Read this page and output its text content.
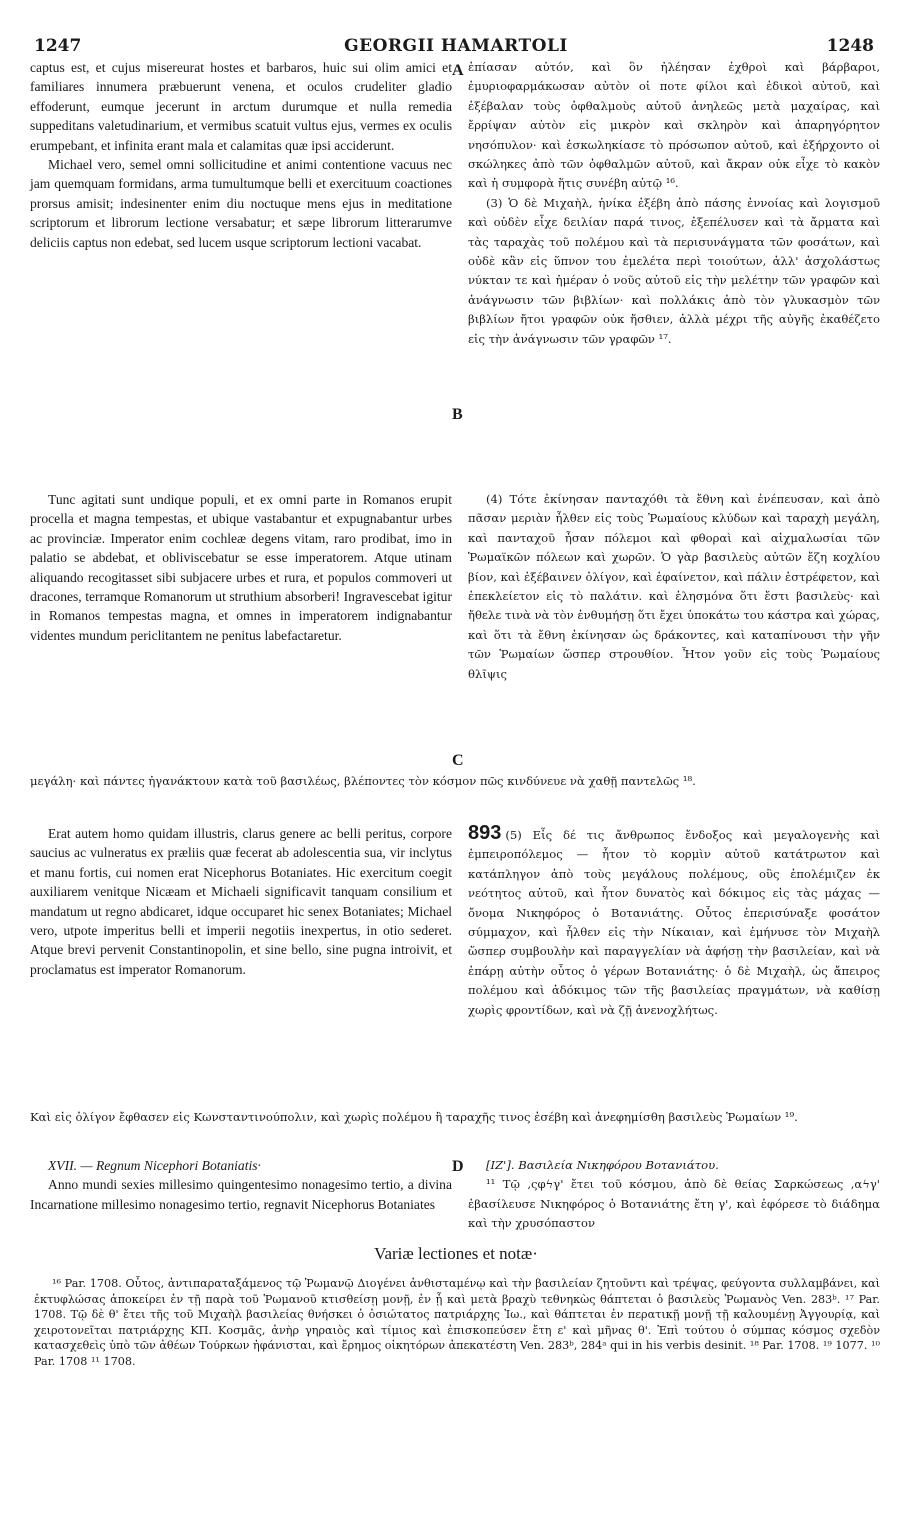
1247	GEORGII HAMARTOLI	1248

captus est, et cujus misereurat hostes et barbaros, huic sui olim amici et familiares innumera præbuerunt venena, et oculos crudeliter gladio effoderunt, eumque jecerunt in arctum durumque et nulla remedia suppeditans valetudinarium, et vermibus scatuit vultus ejus, vermes ex oculis erumpebant, et infinita erant mala et calamitas quæ ipsi acciderunt.

Michael vero, semel omni sollicitudine et animi contentione vacuus nec jam quemquam formidans, arma tumultumque belli et exercituum coactiones prorsus amisit; indesinenter enim diu noctuque mens ejus in meditatione scriptorum et librorum lectione versabatur; et sæpe librorum litterarumve deliciis captus non edebat, sed lucem usque scriptorum lectioni vacabat.

ἐπίασαν αὐτόν, καὶ ὃν ἠλέησαν ἐχθροὶ καὶ βάρβαροι, ἐμυριοφαρμάκωσαν αὐτὸν οἱ ποτε φίλοι καὶ ἐδικοὶ αὐτοῦ, καὶ ἐξέβαλαν τοὺς ὀφθαλμοὺς αὐτοῦ ἀνηλεῶς μετὰ μαχαίρας, καὶ ἔρρίψαν αὐτὸν εἰς μικρὸν καὶ σκληρὸν καὶ ἀπαρηγόρητον νησόπυλον· καὶ ἐσκωληκίασε τὸ πρόσωπον αὐτοῦ, καὶ ἐξήρχοντο οἱ σκώληκες ἀπὸ τῶν ὀφθαλμῶν αὐτοῦ, καὶ ἄκραν οὐκ εἶχε τὸ κακὸν καὶ ἡ συμφορὰ ἥτις συνέβη αὐτῷ ¹⁶.

(3) Ὁ δὲ Μιχαὴλ, ἡνίκα ἐξέβη ἀπὸ πάσης ἐννοίας καὶ λογισμοῦ καὶ οὐδὲν εἶχε δειλίαν παρά τινος, ἐξεπέλυσεν καὶ τὰ ἄρματα καὶ τὰς ταραχὰς τοῦ πολέμου καὶ τὰ περισυνάγματα τῶν φοσάτων, καὶ οὐδὲ κἂν εἰς ὕπνον του ἐμελέτα περὶ τοιούτων, ἀλλ' ἀσχολάστως νύκταν τε καὶ ἡμέραν ὁ νοῦς αὐτοῦ εἰς τὴν μελέτην τῶν γραφῶν καὶ ἀνάγνωσιν τῶν βιβλίων· καὶ πολλάκις ἀπὸ τὸν γλυκασμὸν τῶν βιβλίων ἤτοι γραφῶν οὐκ ἤσθιεν, ἀλλὰ μέχρι τῆς αὐγῆς ἐκαθέζετο εἰς τὴν ἀνάγνωσιν τῶν γραφῶν ¹⁷.

A
B

Tunc agitati sunt undique populi, et ex omni parte in Romanos erupit procella et magna tempestas, et ubique vastabantur et expugnabantur urbes ac provinciæ. Imperator enim cochleæ degens vitam, raro prodibat, imo in palatio se abdebat, et obliviscebatur se esse imperatorem. Atque utinam aliquando recogitasset sibi subjacere urbes et rura, et populos commoveri ut dracones, terramque Romanorum ut struthium absorberi! Ingravescebat igitur in Romanos tempestas magna, et omnes in imperatorem indignabantur videntes mundum periclitantem ne penitus labefactaretur.

(4) Τότε ἐκίνησαν πανταχόθι τὰ ἔθνη καὶ ἐνέπευσαν, καὶ ἀπὸ πᾶσαν μεριὰν ἦλθεν εἰς τοὺς Ῥωμαίους κλύδων καὶ ταραχὴ μεγάλη, καὶ πανταχοῦ ἦσαν πόλεμοι καὶ φθοραὶ καὶ αἰχμαλωσίαι τῶν Ῥωμαϊκῶν πόλεων καὶ χωρῶν. Ὁ γὰρ βασιλεὺς αὐτῶν ἔζη κοχλίου βίον, καὶ ἐξέβαινεν ὀλίγον, καὶ ἐφαίνετον, καὶ πάλιν ἐστρέφετον, καὶ ἐπεκλείετον εἰς τὸ παλάτιν. καὶ ἐλησμόνα ὅτι ἔστι βασιλεὺς· καὶ ἤθελε τινὰ νὰ τὸν ἐνθυμήσῃ ὅτι ἔχει ὑποκάτω του κάστρα καὶ χώρας, καὶ ὅτι τὰ ἔθνη ἐκίνησαν ὡς δράκοντες, καὶ καταπίνουσι τὴν γῆν τῶν Ῥωμαίων ὥσπερ στρουθίον. Ἦτον γοῦν εἰς τοὺς Ῥωμαίους θλῖψις

C
μεγάλη· καὶ πάντες ἠγανάκτουν κατὰ τοῦ βασιλέως, βλέποντες τὸν κόσμον πῶς κινδύνευε νὰ χαθῇ παντελῶς ¹⁸.

Erat autem homo quidam illustris, clarus genere ac belli peritus, corpore saucius ac vulneratus ex præliis quæ fecerat ab adolescentia sua, vir inclytus et manu fortis, cui nomen erat Nicephorus Botaniates. Hic exercitum coegit auxiliarem venitque Nicæam et Michaeli significavit tanquam consilium et mandatum ut regno abdicaret, idque occuparet hic senex Botaniates; Michael vero, utpote imperitus belli et imperii negotiis inexpertus, in otio sederet. Atque brevi pervenit Constantinopolin, et sine bello, sine pugna introivit, et proclamatus est imperator Romanorum.

893 (5) Εἷς δέ τις ἄνθρωπος ἔνδοξος καὶ μεγαλογενὴς καὶ ἐμπειροπόλεμος — ἦτον τὸ κορμὶν αὐτοῦ κατάτρωτον καὶ κατάπληγον ἀπὸ τοὺς μεγάλους πολέμους, οὓς ἐπολέμιζεν ἐκ νεότητος αὐτοῦ, καὶ ἦτον δυνατὸς καὶ δόκιμος εἰς τὰς μάχας — ὄνομα Νικηφόρος ὁ Βοτανιάτης. Οὗτος ἐπερισύναξε φοσάτον σύμμαχον, καὶ ἦλθεν εἰς τὴν Νίκαιαν, καὶ ἐμήνυσε τὸν Μιχαὴλ ὥσπερ συμβουλὴν καὶ παραγγελίαν νὰ ἀφήσῃ τὴν βασιλείαν, καὶ νὰ ἐπάρῃ αὐτὴν οὗτος ὁ γέρων Βοτανιάτης· ὁ δὲ Μιχαὴλ, ὡς ἄπειρος πολέμου καὶ ἀδόκιμος τῶν τῆς βασιλείας πραγμάτων, νὰ καθίσῃ χωρὶς φροντίδων, καὶ νὰ ζῇ ἀνενοχλήτως.

Καὶ εἰς ὀλίγον ἔφθασεν εἰς Κωνσταντινούπολιν, καὶ χωρὶς πολέμου ἢ ταραχῆς τινος ἐσέβη καὶ ἀνεφημίσθη βασιλεὺς Ῥωμαίων ¹⁹.

XVII. — Regnum Nicephori Botaniatis·

Anno mundi sexies millesimo quingentesimo nonagesimo tertio, a divina Incarnatione millesimo nonagesimo tertio, regnavit Nicephorus Botaniates

[ΙΖ']. Βασιλεία Νικηφόρου Βοτανιάτου.

¹¹ Τῷ ,ςφϟγ' ἔτει τοῦ κόσμου, ἀπὸ δὲ θείας Σαρκώσεως ,αϟγ' ἐβασίλευσε Νικηφόρος ὁ Βοτανιάτης ἔτη γ', καὶ ἐφόρεσε τὸ διάδημα καὶ τὴν χρυσόπαστον

D
Variæ lectiones et notæ·

¹⁶ Par. 1708. Οὗτος, ἀντιπαραταξάμενος τῷ Ῥωμανῷ Διογένει ἀνθισταμένῳ καὶ τὴν βασιλείαν ζητοῦντι καὶ τρέψας, φεύγοντα συλλαμβάνει, καὶ ἐκτυφλώσας ἀποκείρει ἐν τῇ παρὰ τοῦ Ῥωμανοῦ κτισθείσῃ μονῇ, ἐν ᾗ καὶ μετὰ βραχὺ τεθνηκὼς θάπτεται ὁ βασιλεὺς Ῥωμανὸς Ven. 283ᵇ. ¹⁷ Par. 1708. Τῷ δὲ θ' ἔτει τῆς τοῦ Μιχαὴλ βασιλείας θνήσκει ὁ ὁσιώτατος πατριάρχης Ἰω., καὶ θάπτεται ἐν περατικῇ μονῇ τῇ καλουμένῃ Ἀγγουρίᾳ, καὶ χειροτονεῖται πατριάρχης ΚΠ. Κοσμᾶς, ἀνὴρ γηραιὸς καὶ τίμιος καὶ ἐπισκοπεύσεν ἔτη ε' καὶ μῆνας θ'. Ἐπὶ τούτου ὁ σύμπας κόσμος σχεδὸν κατασχεθεὶς ὑπὸ τῶν ἀθέων Τούρκων ἠφάνισται, καὶ ἔρημος οἰκητόρων ἀπεκατέστη Ven. 283ᵇ, 284ᵃ qui in his verbis desinit. ¹⁸ Par. 1708. ¹⁹ 1077. ¹⁰ Par. 1708 ¹¹ 1708.
